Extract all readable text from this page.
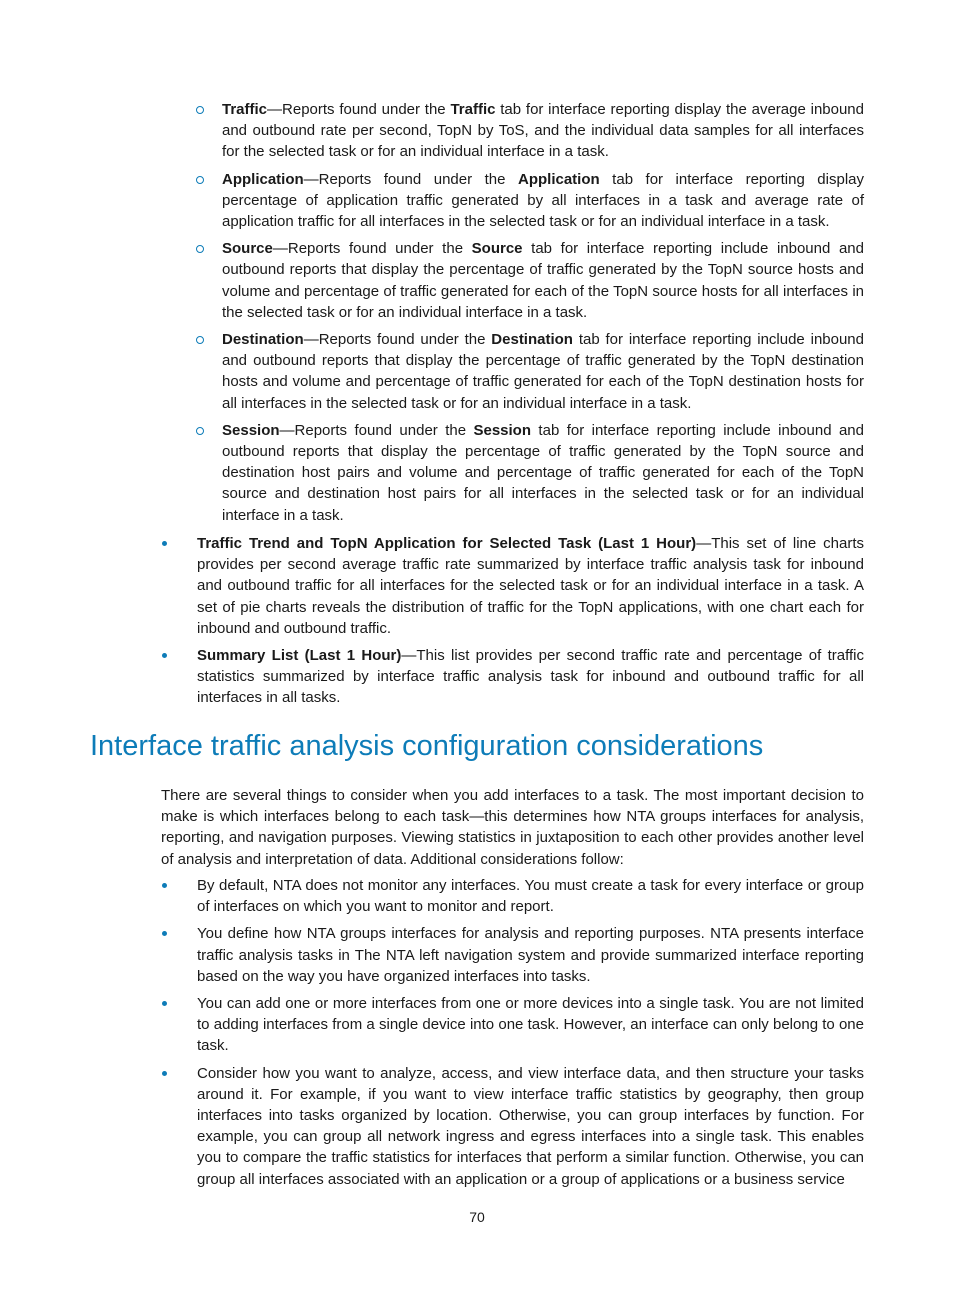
Traffic—Reports found under the Traffic tab for interface reporting display the average inbound and outbound rate per second, TopN by ToS, and the individual data samples for all interfaces for the selected task or for an individual interface in a task.
Application—Reports found under the Application tab for interface reporting display percentage of application traffic generated by all interfaces in a task and average rate of application traffic for all interfaces in the selected task or for an individual interface in a task.
Source—Reports found under the Source tab for interface reporting include inbound and outbound reports that display the percentage of traffic generated by the TopN source hosts and volume and percentage of traffic generated for each of the TopN source hosts for all interfaces in the selected task or for an individual interface in a task.
Destination—Reports found under the Destination tab for interface reporting include inbound and outbound reports that display the percentage of traffic generated by the TopN destination hosts and volume and percentage of traffic generated for each of the TopN destination hosts for all interfaces in the selected task or for an individual interface in a task.
Session—Reports found under the Session tab for interface reporting include inbound and outbound reports that display the percentage of traffic generated by the TopN source and destination host pairs and volume and percentage of traffic generated for each of the TopN source and destination host pairs for all interfaces in the selected task or for an individual interface in a task.
Traffic Trend and TopN Application for Selected Task (Last 1 Hour)—This set of line charts provides per second average traffic rate summarized by interface traffic analysis task for inbound and outbound traffic for all interfaces for the selected task or for an individual interface in a task. A set of pie charts reveals the distribution of traffic for the TopN applications, with one chart each for inbound and outbound traffic.
Summary List (Last 1 Hour)—This list provides per second traffic rate and percentage of traffic statistics summarized by interface traffic analysis task for inbound and outbound traffic for all interfaces in all tasks.
Interface traffic analysis configuration considerations

There are several things to consider when you add interfaces to a task. The most important decision to make is which interfaces belong to each task—this determines how NTA groups interfaces for analysis, reporting, and navigation purposes. Viewing statistics in juxtaposition to each other provides another level of analysis and interpretation of data. Additional considerations follow:

By default, NTA does not monitor any interfaces. You must create a task for every interface or group of interfaces on which you want to monitor and report.
You define how NTA groups interfaces for analysis and reporting purposes. NTA presents interface traffic analysis tasks in The NTA left navigation system and provide summarized interface reporting based on the way you have organized interfaces into tasks.
You can add one or more interfaces from one or more devices into a single task. You are not limited to adding interfaces from a single device into one task. However, an interface can only belong to one task.
Consider how you want to analyze, access, and view interface data, and then structure your tasks around it. For example, if you want to view interface traffic statistics by geography, then group interfaces into tasks organized by location. Otherwise, you can group interfaces by function. For example, you can group all network ingress and egress interfaces into a single task. This enables you to compare the traffic statistics for interfaces that perform a similar function. Otherwise, you can group all interfaces associated with an application or a group of applications or a business service
70
